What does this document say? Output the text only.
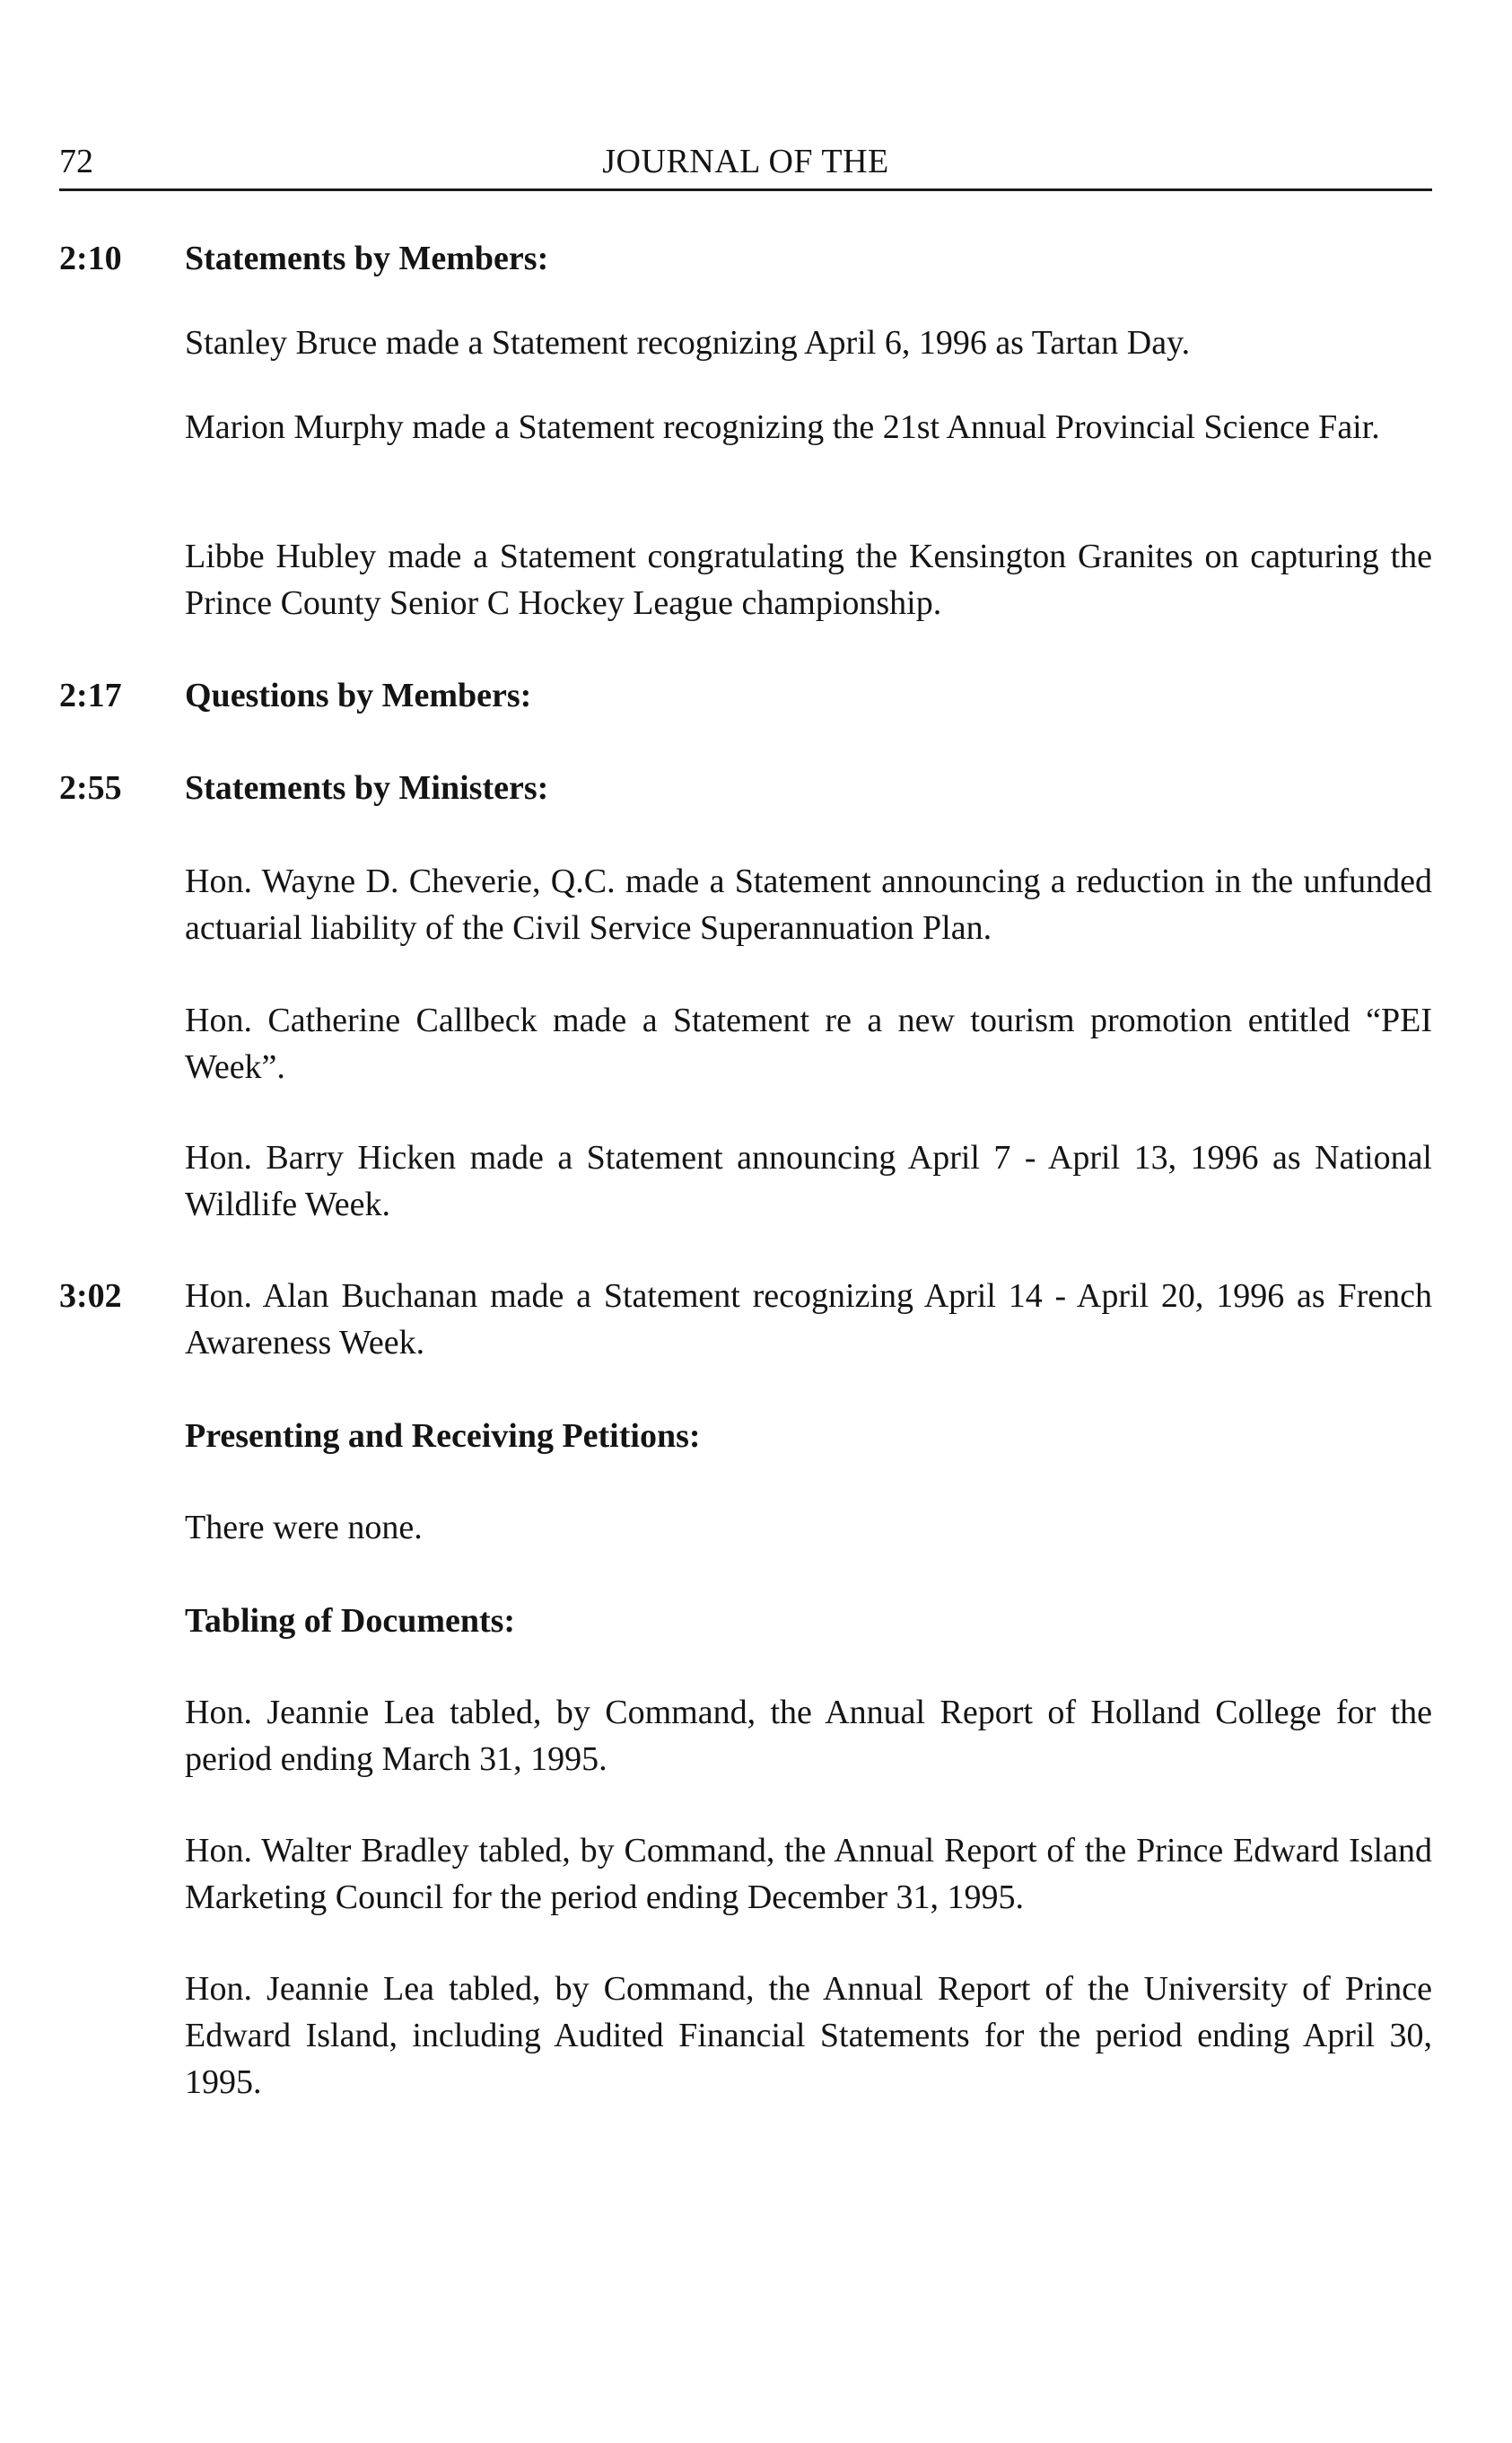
72	JOURNAL OF THE
2:10 Statements by Members:

Stanley Bruce made a Statement recognizing April 6, 1996 as Tartan Day.

Marion Murphy made a Statement recognizing the 21st Annual Provincial Science Fair.

Libbe Hubley made a Statement congratulating the Kensington Granites on capturing the Prince County Senior C Hockey League championship.

2:17 Questions by Members:
2:55 Statements by Ministers:

Hon. Wayne D. Cheverie, Q.C. made a Statement announcing a reduction in the unfunded actuarial liability of the Civil Service Superannuation Plan.

Hon. Catherine Callbeck made a Statement re a new tourism promotion entitled “PEI Week”.

Hon. Barry Hicken made a Statement announcing April 7 - April 13, 1996 as National Wildlife Week.

3:02 Hon. Alan Buchanan made a Statement recognizing April 14 - April 20, 1996 as French Awareness Week.

Presenting and Receiving Petitions:

There were none.

Tabling of Documents:

Hon. Jeannie Lea tabled, by Command, the Annual Report of Holland College for the period ending March 31, 1995.

Hon. Walter Bradley tabled, by Command, the Annual Report of the Prince Edward Island Marketing Council for the period ending December 31, 1995.

Hon. Jeannie Lea tabled, by Command, the Annual Report of the University of Prince Edward Island, including Audited Financial Statements for the period ending April 30, 1995.
